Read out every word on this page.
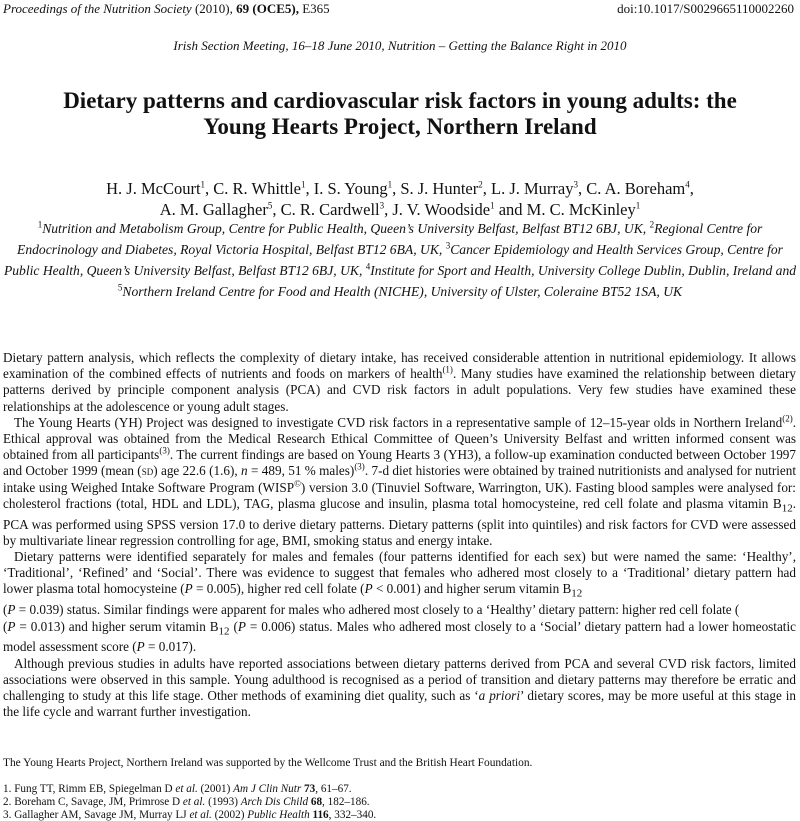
Proceedings of the Nutrition Society (2010), 69 (OCE5), E365	doi:10.1017/S0029665110002260
Irish Section Meeting, 16–18 June 2010, Nutrition – Getting the Balance Right in 2010
Dietary patterns and cardiovascular risk factors in young adults: the
Young Hearts Project, Northern Ireland
H. J. McCourt$^1$, C. R. Whittle$^1$, I. S. Young$^1$, S. J. Hunter$^2$, L. J. Murray$^3$, C. A. Boreham$^4$,
A. M. Gallagher$^5$, C. R. Cardwell$^3$, J. V. Woodside$^1$ and M. C. McKinley$^1$
$^1$Nutrition and Metabolism Group, Centre for Public Health, Queen’s University Belfast, Belfast BT12 6BJ, UK, $^2$Regional Centre for Endocrinology and Diabetes, Royal Victoria Hospital, Belfast BT12 6BA, UK, $^3$Cancer Epidemiology and Health Services Group, Centre for Public Health, Queen’s University Belfast, Belfast BT12 6BJ, UK, $^4$Institute for Sport and Health, University College Dublin, Dublin, Ireland and $^5$Northern Ireland Centre for Food and Health (NICHE), University of Ulster, Coleraine BT52 1SA, UK

Dietary pattern analysis, which reflects the complexity of dietary intake, has received considerable attention in nutritional epidemiology. It allows examination of the combined effects of nutrients and foods on markers of health$^{(1)}$. Many studies have examined the relationship between dietary patterns derived by principle component analysis (PCA) and CVD risk factors in adult populations. Very few studies have examined these relationships at the adolescence or young adult stages.

The Young Hearts (YH) Project was designed to investigate CVD risk factors in a representative sample of 12–15-year olds in Northern Ireland$^{(2)}$. Ethical approval was obtained from the Medical Research Ethical Committee of Queen’s University Belfast and written informed consent was obtained from all participants$^{(3)}$. The current findings are based on Young Hearts 3 (YH3), a follow-up examination conducted between October 1997 and October 1999 (mean (sd) age 22.6 (1.6), n = 489, 51 % males)$^{(3)}$. 7-d diet histories were obtained by trained nutritionists and analysed for nutrient intake using Weighed Intake Software Program (WISP©) version 3.0 (Tinuviel Software, Warrington, UK). Fasting blood samples were analysed for: cholesterol fractions (total, HDL and LDL), TAG, plasma glucose and insulin, plasma total homocysteine, red cell folate and plasma vitamin $B_{12}$. PCA was performed using SPSS version 17.0 to derive dietary patterns. Dietary patterns (split into quintiles) and risk factors for CVD were assessed by multivariate linear regression controlling for age, BMI, smoking status and energy intake.

Dietary patterns were identified separately for males and females (four patterns identified for each sex) but were named the same: ‘Healthy’, ‘Traditional’, ‘Refined’ and ‘Social’. There was evidence to suggest that females who adhered most closely to a ‘Traditional’ dietary pattern had lower plasma total homocysteine (P = 0.005), higher red cell folate (P < 0.001) and higher serum vitamin $B_{12}$
(P = 0.039) status. Similar findings were apparent for males who adhered most closely to a ‘Healthy’ dietary pattern: higher red cell folate (
(P = 0.013) and higher serum vitamin $B_{12}$ (P = 0.006) status. Males who adhered most closely to a ‘Social’ dietary pattern had a lower homeostatic model assessment score (P = 0.017).

Although previous studies in adults have reported associations between dietary patterns derived from PCA and several CVD risk factors, limited associations were observed in this sample. Young adulthood is recognised as a period of transition and dietary patterns may therefore be erratic and challenging to study at this life stage. Other methods of examining diet quality, such as ‘a priori’ dietary scores, may be more useful at this stage in the life cycle and warrant further investigation.

The Young Hearts Project, Northern Ireland was supported by the Wellcome Trust and the British Heart Foundation.
1. Fung TT, Rimm EB, Spiegelman D et al. (2001) Am J Clin Nutr 73, 61–67.
2. Boreham C, Savage, JM, Primrose D et al. (1993) Arch Dis Child 68, 182–186.
3. Gallagher AM, Savage JM, Murray LJ et al. (2002) Public Health 116, 332–340.
